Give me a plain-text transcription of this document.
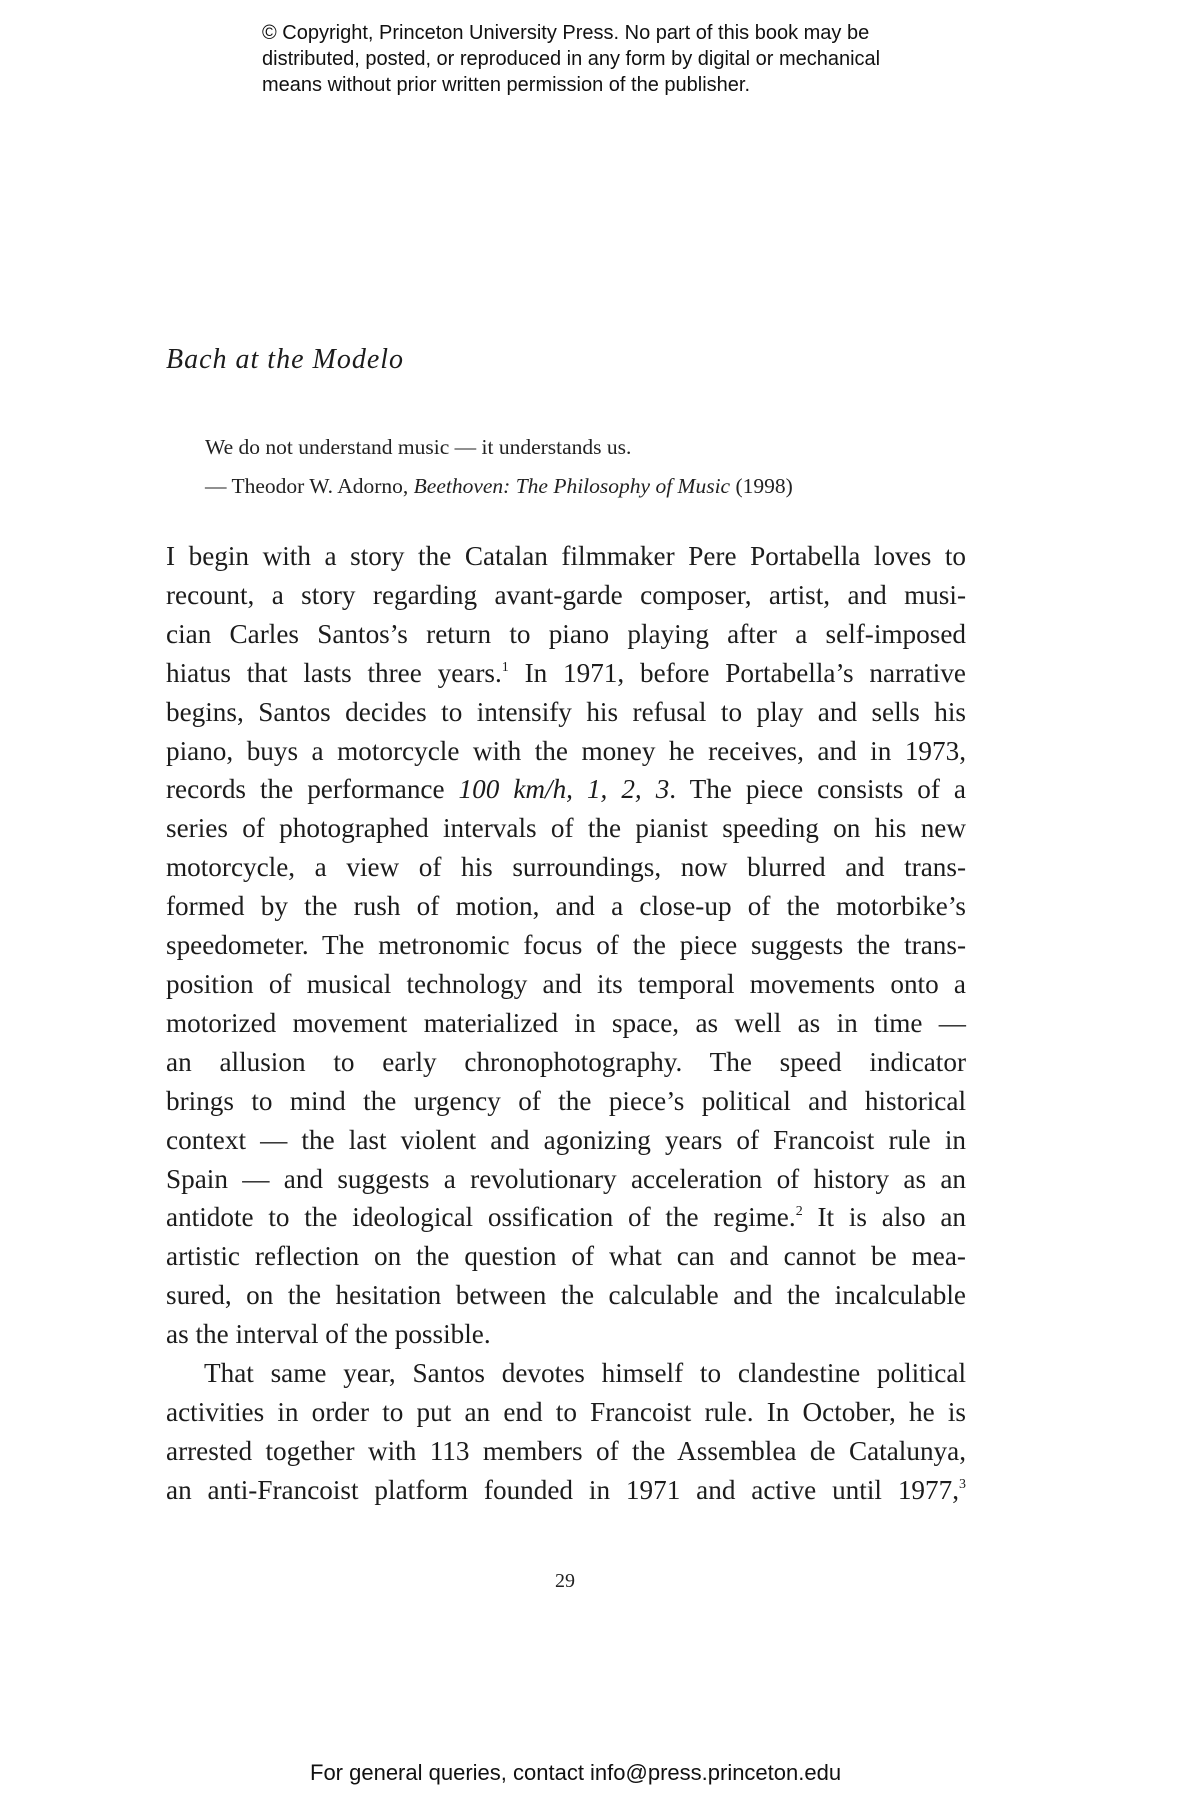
© Copyright, Princeton University Press. No part of this book may be
distributed, posted, or reproduced in any form by digital or mechanical
means without prior written permission of the publisher.
Bach at the Modelo
We do not understand music — it understands us.
— Theodor W. Adorno, Beethoven: The Philosophy of Music (1998)
I begin with a story the Catalan filmmaker Pere Portabella loves to
recount, a story regarding avant-garde composer, artist, and musi-
cian Carles Santos’s return to piano playing after a self-imposed
hiatus that lasts three years.$^1$ In 1971, before Portabella’s narrative
begins, Santos decides to intensify his refusal to play and sells his
piano, buys a motorcycle with the money he receives, and in 1973,
records the performance 100 km/h, 1, 2, 3. The piece consists of a
series of photographed intervals of the pianist speeding on his new
motorcycle, a view of his surroundings, now blurred and trans-
formed by the rush of motion, and a close-up of the motorbike’s
speedometer. The metronomic focus of the piece suggests the trans-
position of musical technology and its temporal movements onto a
motorized movement materialized in space, as well as in time —
an allusion to early chronophotography. The speed indicator
brings to mind the urgency of the piece’s political and historical
context — the last violent and agonizing years of Francoist rule in
Spain — and suggests a revolutionary acceleration of history as an
antidote to the ideological ossification of the regime.$^2$ It is also an
artistic reflection on the question of what can and cannot be mea-
sured, on the hesitation between the calculable and the incalculable
as the interval of the possible.
That same year, Santos devotes himself to clandestine political
activities in order to put an end to Francoist rule. In October, he is
arrested together with 113 members of the Assemblea de Catalunya,
an anti-Francoist platform founded in 1971 and active until 1977,$^3$
29
For general queries, contact info@press.princeton.edu
